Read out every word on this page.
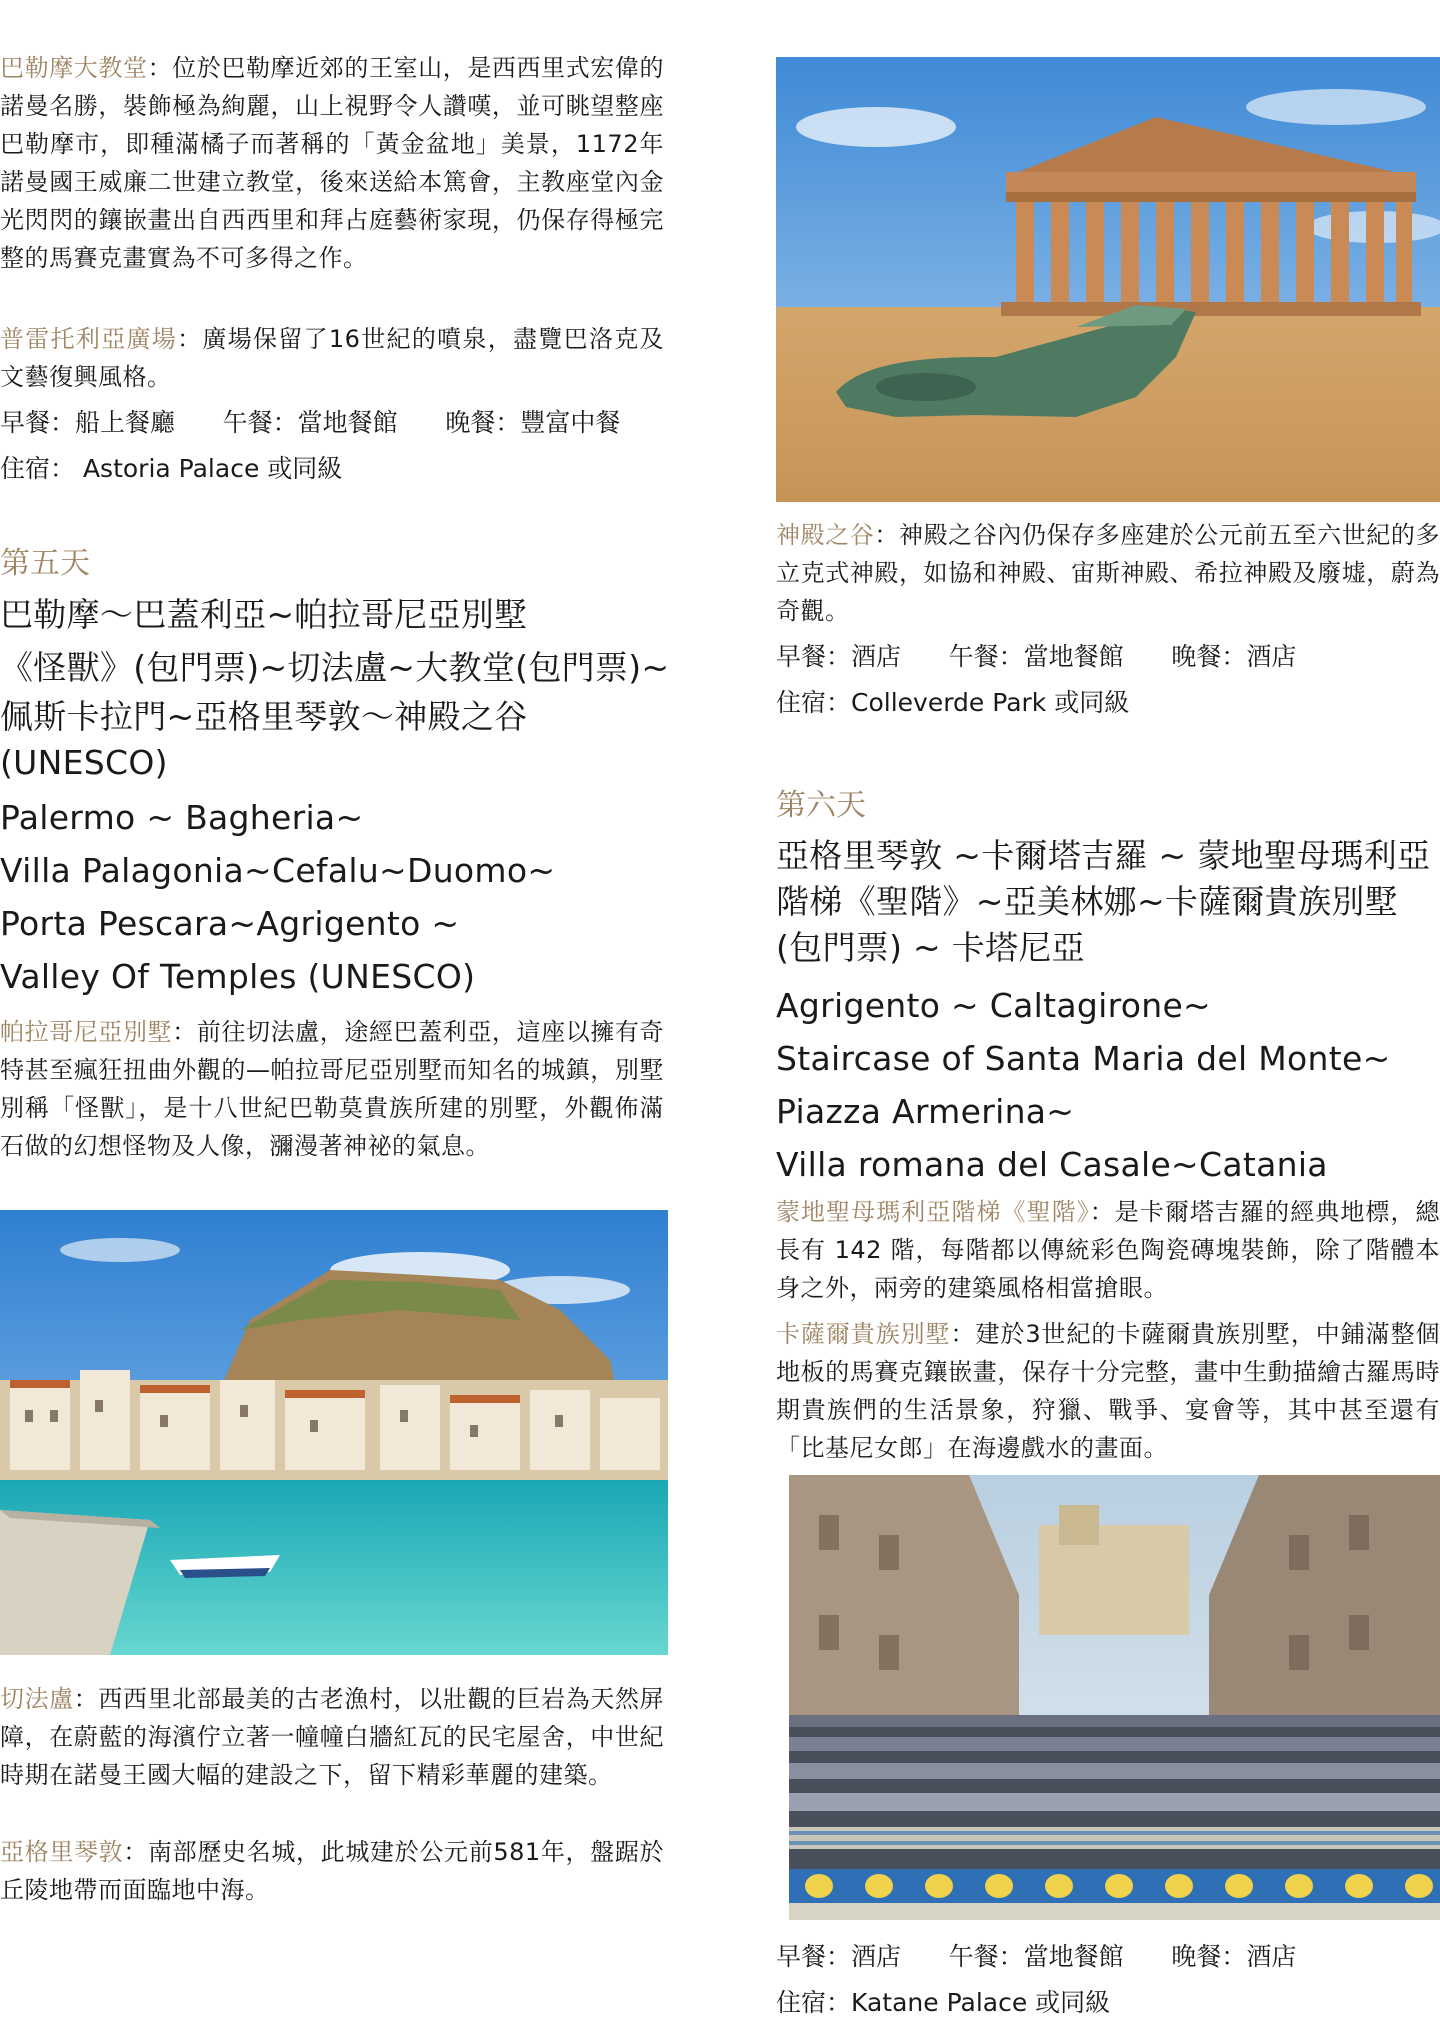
巴勒摩大教堂：位於巴勒摩近郊的王室山，是西西里式宏偉的諾曼名勝，裝飾極為絢麗，山上視野令人讚嘆，並可眺望整座巴勒摩市，即種滿橘子而著稱的「黃金盆地」美景，1172年諾曼國王威廉二世建立教堂，後來送給本篤會，主教座堂內金光閃閃的鑲嵌畫出自西西里和拜占庭藝術家現，仍保存得極完整的馬賽克畫實為不可多得之作。

普雷托利亞廣場：廣場保留了16世紀的噴泉，盡覽巴洛克及文藝復興風格。

早餐：船上餐廳      午餐：當地餐館      晚餐：豐富中餐

住宿： Astoria Palace 或同級

第五天

巴勒摩～巴蓋利亞~帕拉哥尼亞別墅

《怪獸》(包門票)~切法盧~大教堂(包門票)~

佩斯卡拉門~亞格里琴敦～神殿之谷

(UNESCO)

Palermo ~ Bagheria~

Villa Palagonia~Cefalu~Duomo~

Porta Pescara~Agrigento ~

Valley Of Temples (UNESCO)

帕拉哥尼亞別墅：前往切法盧，途經巴蓋利亞，這座以擁有奇特甚至瘋狂扭曲外觀的—帕拉哥尼亞別墅而知名的城鎮，別墅別稱「怪獸」，是十八世紀巴勒莫貴族所建的別墅，外觀佈滿石做的幻想怪物及人像，瀰漫著神祕的氣息。

切法盧：西西里北部最美的古老漁村，以壯觀的巨岩為天然屏障，在蔚藍的海濱佇立著一幢幢白牆紅瓦的民宅屋舍，中世紀時期在諾曼王國大幅的建設之下，留下精彩華麗的建築。

亞格里琴敦：南部歷史名城，此城建於公元前581年，盤踞於丘陵地帶而面臨地中海。

神殿之谷：神殿之谷內仍保存多座建於公元前五至六世紀的多立克式神殿，如協和神殿、宙斯神殿、希拉神殿及廢墟，蔚為奇觀。

早餐：酒店      午餐：當地餐館      晚餐：酒店

住宿：Colleverde Park 或同級

第六天

亞格里琴敦 ~卡爾塔吉羅 ~ 蒙地聖母瑪利亞

階梯《聖階》~亞美林娜~卡薩爾貴族別墅

(包門票) ~ 卡塔尼亞

Agrigento ~ Caltagirone~

Staircase of Santa Maria del Monte~

Piazza Armerina~

Villa romana del Casale~Catania

蒙地聖母瑪利亞階梯《聖階》：是卡爾塔吉羅的經典地標，總長有 142 階，每階都以傳統彩色陶瓷磚塊裝飾，除了階體本身之外，兩旁的建築風格相當搶眼。

卡薩爾貴族別墅：建於3世紀的卡薩爾貴族別墅，中鋪滿整個地板的馬賽克鑲嵌畫，保存十分完整，畫中生動描繪古羅馬時期貴族們的生活景象，狩獵、戰爭、宴會等，其中甚至還有「比基尼女郎」在海邊戲水的畫面。

早餐：酒店      午餐：當地餐館      晚餐：酒店

住宿：Katane Palace 或同級
